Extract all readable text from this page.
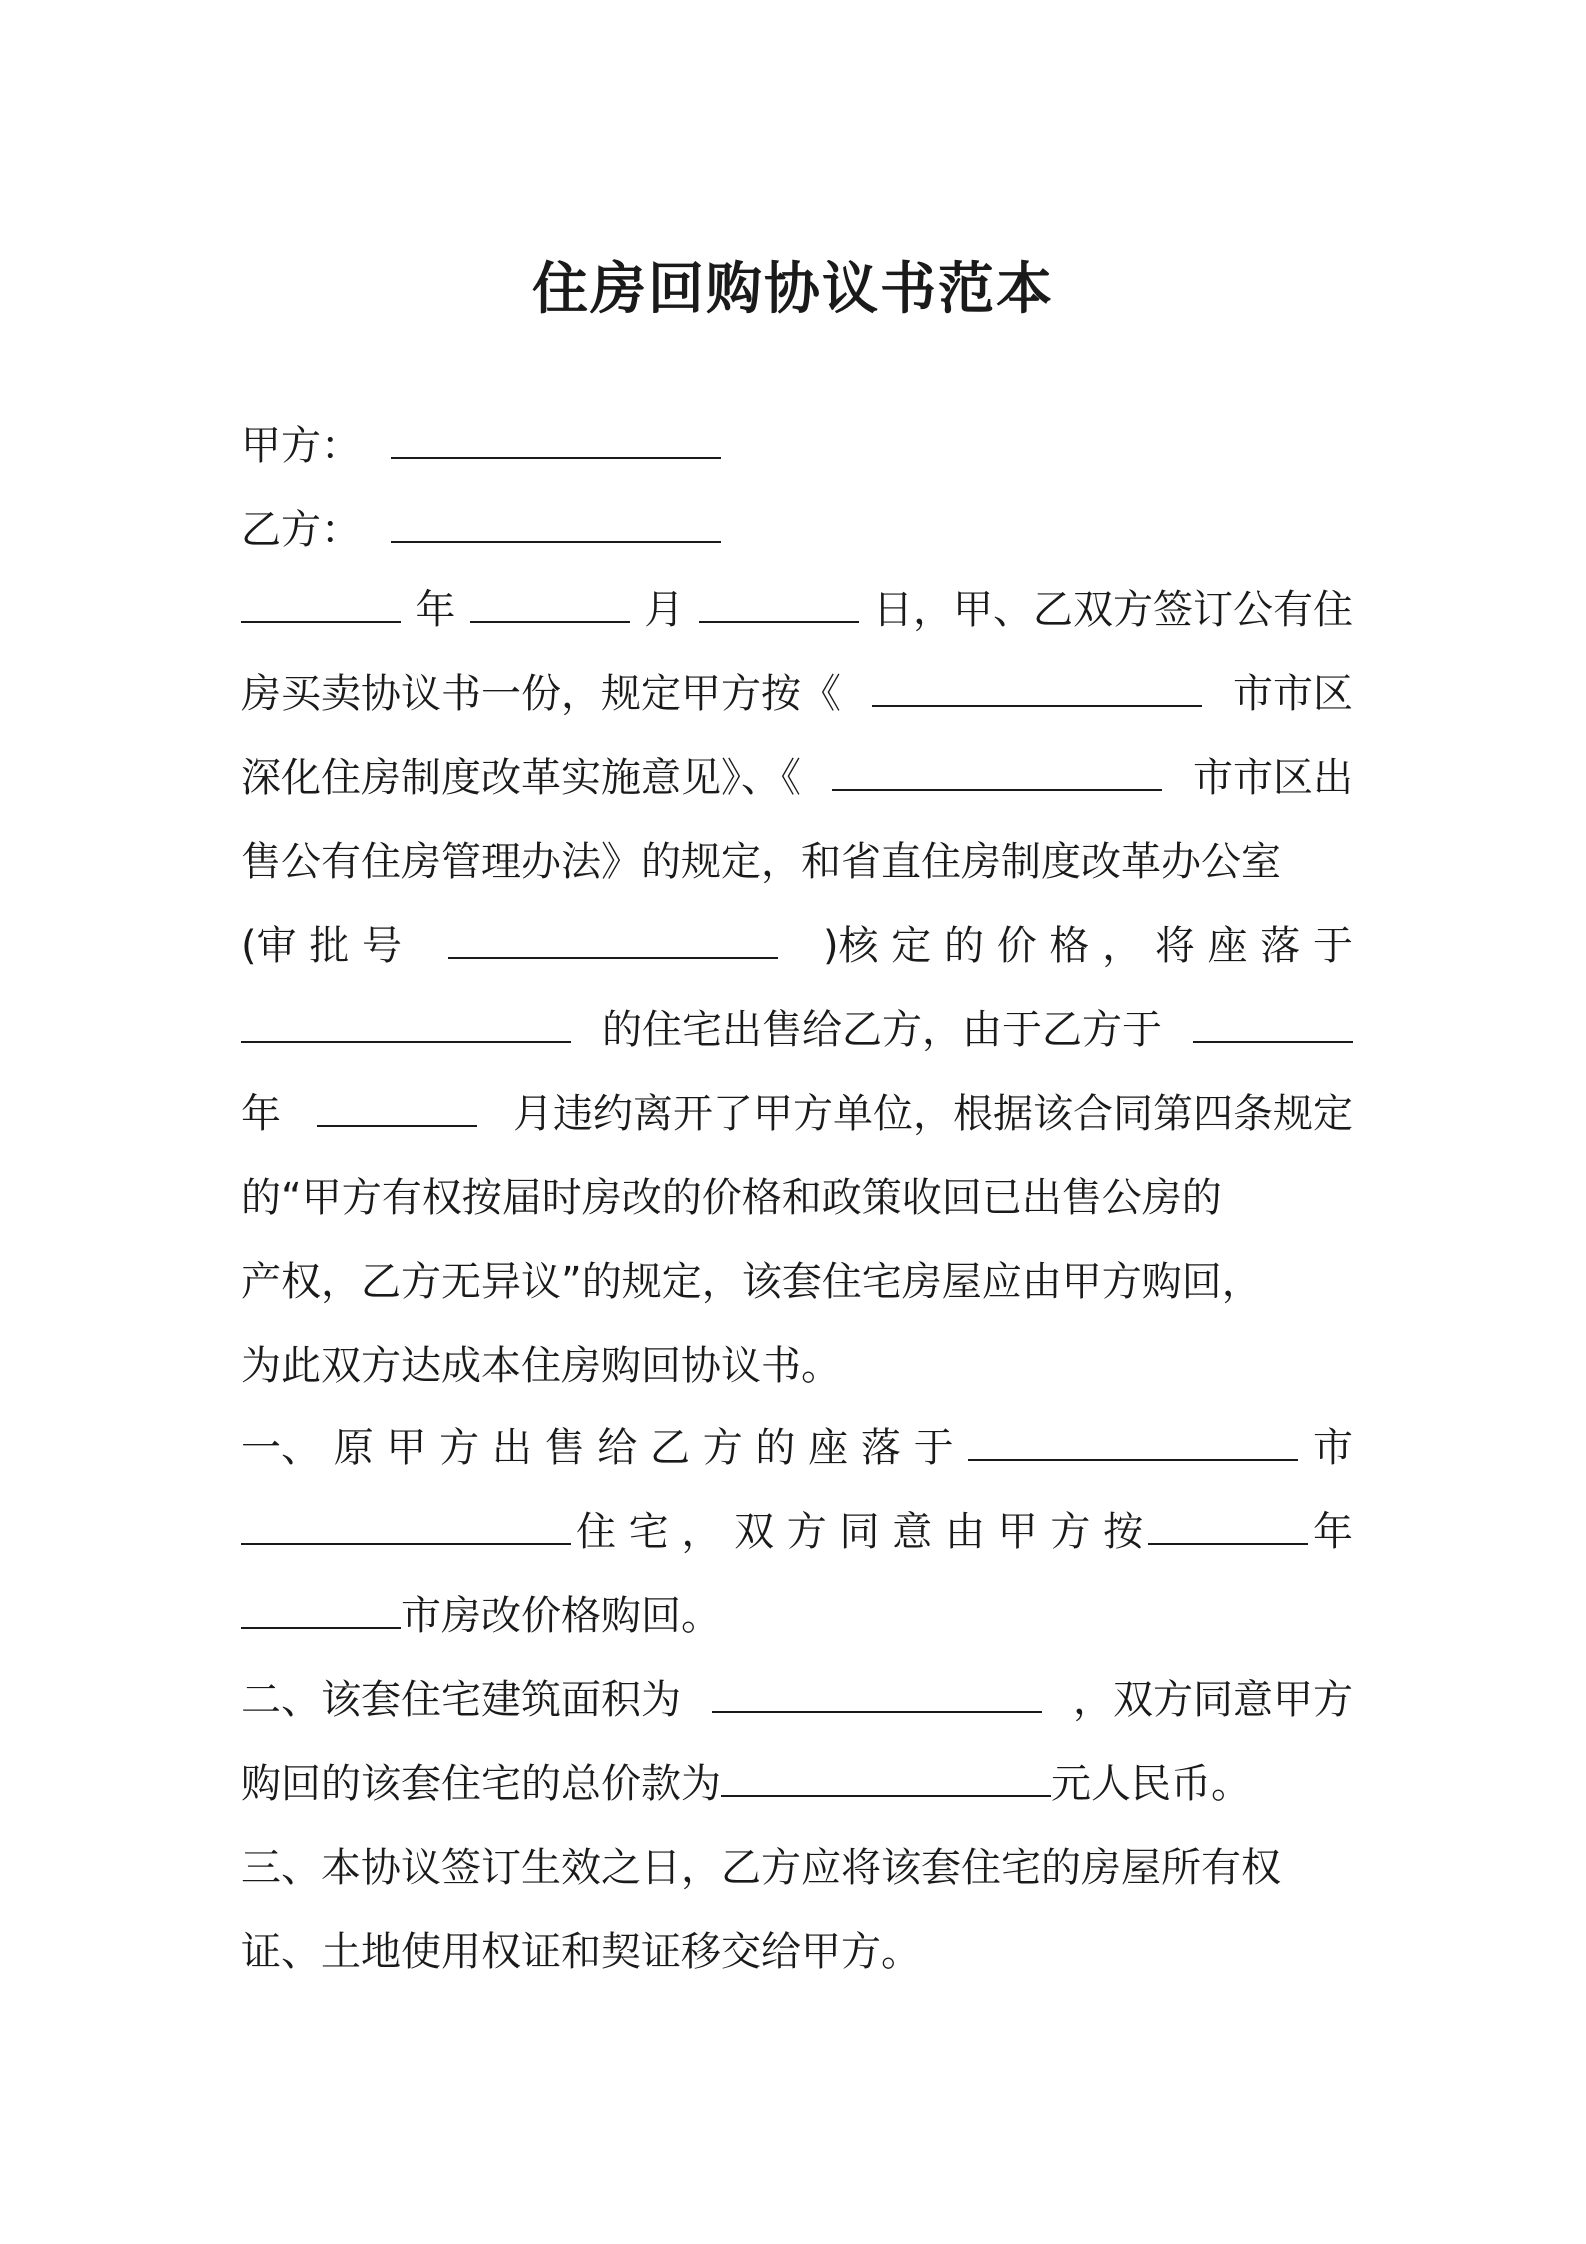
住房回购协议书范本
甲方：
乙方：
年	月	日，甲、乙双方签订公有住
房买卖协议书一份，规定甲方按《	市市区
深化住房制度改革实施意见》、《	市市区出
售公有住房管理办法》的规定，和省直住房制度改革办公室
(审 批 号	)核 定 的 价 格 ， 将 座 落 于
的住宅出售给乙方，由于乙方于
年	月违约离开了甲方单位，根据该合同第四条规定
的“甲方有权按届时房改的价格和政策收回已出售公房的
产权，乙方无异议”的规定，该套住宅房屋应由甲方购回，
为此双方达成本住房购回协议书。
一、 原 甲 方 出 售 给 乙 方 的 座 落 于	市
住 宅 ， 双 方 同 意 由 甲 方 按	年
市房改价格购回。
二、该套住宅建筑面积为	，双方同意甲方
购回的该套住宅的总价款为	元人民币。
三、本协议签订生效之日，乙方应将该套住宅的房屋所有权
证、土地使用权证和契证移交给甲方。
